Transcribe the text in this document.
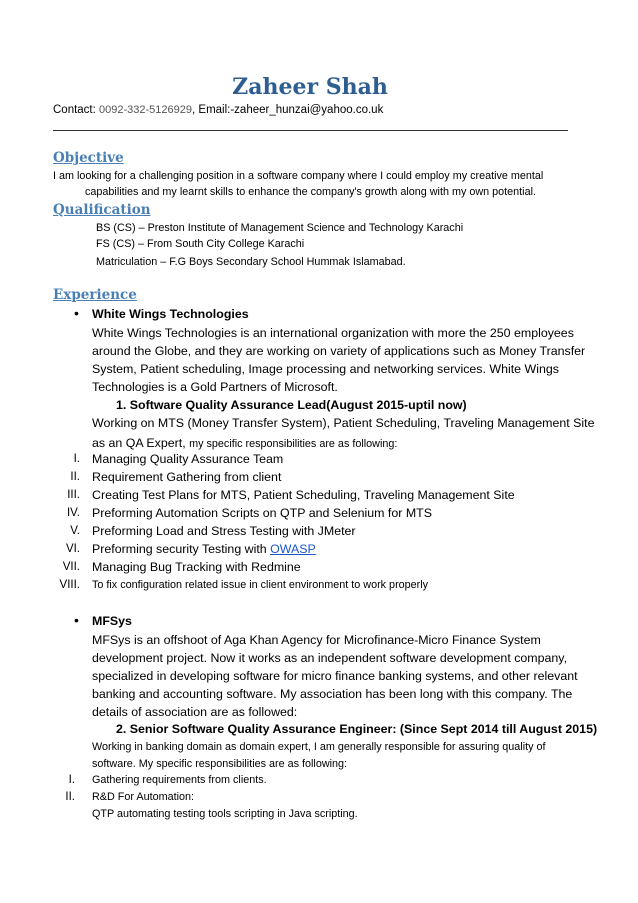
Zaheer Shah
Contact: 0092-332-5126929, Email:-zaheer_hunzai@yahoo.co.uk
Objective
I am looking for a challenging position in a software company where I could employ my creative mental
capabilities and my learnt skills to enhance the company's growth along with my own potential.
Qualification
BS (CS) – Preston Institute of Management Science and Technology Karachi
FS (CS) – From South City College Karachi
Matriculation – F.G Boys Secondary School Hummak Islamabad.
Experience
• White Wings Technologies
White Wings Technologies is an international organization with more the 250 employees
around the Globe, and they are working on variety of applications such as Money Transfer
System, Patient scheduling, Image processing and networking services. White Wings
Technologies is a Gold Partners of Microsoft.
1. Software Quality Assurance Lead(August 2015-uptil now)
Working on MTS (Money Transfer System), Patient Scheduling, Traveling Management Site
as an QA Expert, my specific responsibilities are as following:
I. Managing Quality Assurance Team
II. Requirement Gathering from client
III. Creating Test Plans for MTS, Patient Scheduling, Traveling Management Site
IV. Preforming Automation Scripts on QTP and Selenium for MTS
V. Preforming Load and Stress Testing with JMeter
VI. Preforming security Testing with OWASP
VII. Managing Bug Tracking with Redmine
VIII. To fix configuration related issue in client environment to work properly
• MFSys
MFSys is an offshoot of Aga Khan Agency for Microfinance-Micro Finance System
development project. Now it works as an independent software development company,
specialized in developing software for micro finance banking systems, and other relevant
banking and accounting software. My association has been long with this company. The
details of association are as followed:
2. Senior Software Quality Assurance Engineer: (Since Sept 2014 till August 2015)
Working in banking domain as domain expert, I am generally responsible for assuring quality of
software. My specific responsibilities are as following:
I. Gathering requirements from clients.
II. R&D For Automation:
QTP automating testing tools scripting in Java scripting.
